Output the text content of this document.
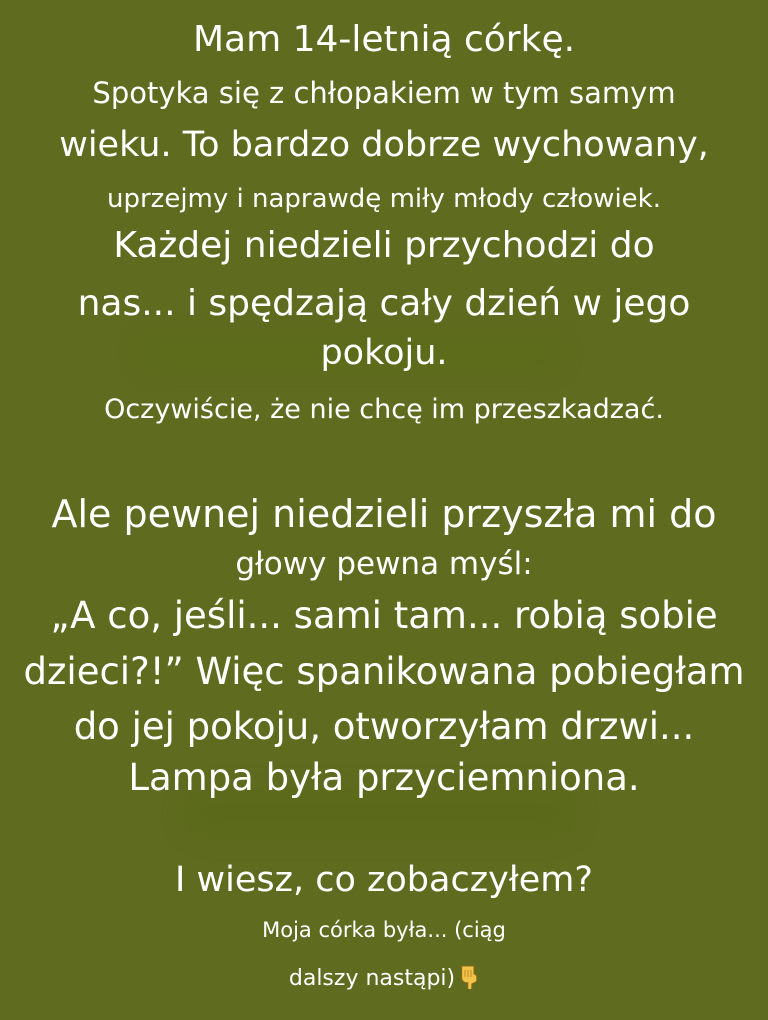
Mam 14-letnią córkę.
Spotyka się z chłopakiem w tym samym
wieku. To bardzo dobrze wychowany,
uprzejmy i naprawdę miły młody człowiek.
Każdej niedzieli przychodzi do
nas... i spędzają cały dzień w jego
pokoju.
Oczywiście, że nie chcę im przeszkadzać.
Ale pewnej niedzieli przyszła mi do
głowy pewna myśl:
„A co, jeśli... sami tam... robią sobie
dzieci?!” Więc spanikowana pobiegłam
do jej pokoju, otworzyłam drzwi...
Lampa była przyciemniona.
I wiesz, co zobaczyłem?
Moja córka była... (ciąg
dalszy nastąpi)
